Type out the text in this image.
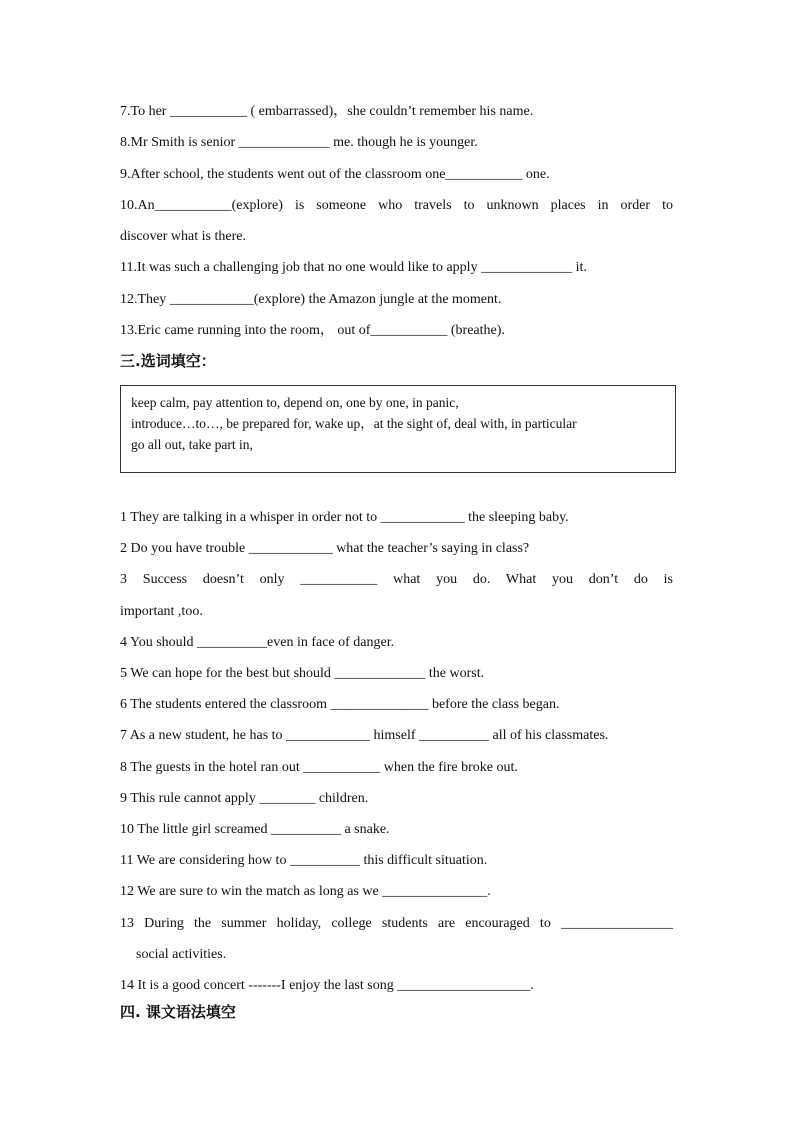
7.To her ___________ ( embarrassed)，she couldn’t remember his name.
8.Mr Smith is senior _____________ me. though he is younger.
9.After school, the students went out of the classroom one___________ one.
10.An___________(explore) is someone who travels to unknown places in order to
discover what is there.
11.It was such a challenging job that no one would like to apply _____________ it.
12.They ____________(explore) the Amazon jungle at the moment.
13.Eric came running into the room， out of___________ (breathe).
三.选词填空：
keep calm, pay attention to, depend on, one by one, in panic,
introduce…to…, be prepared for, wake up，at the sight of, deal with, in particular
go all out, take part in,
1 They are talking in a whisper in order not to ____________ the sleeping baby.
2 Do you have trouble ____________ what the teacher’s saying in class?
3 Success doesn’t only ___________ what you do. What you don’t do is
important ,too.
4 You should __________even in face of danger.
5 We can hope for the best but should _____________ the worst.
6 The students entered the classroom ______________ before the class began.
7 As a new student, he has to ____________ himself __________ all of his classmates.
8 The guests in the hotel ran out ___________ when the fire broke out.
9 This rule cannot apply ________ children.
10 The little girl screamed __________ a snake.
11 We are considering how to __________ this difficult situation.
12 We are sure to win the match as long as we _______________.
13 During the summer holiday, college students are encouraged to ________________
social activities.
14 It is a good concert -------I enjoy the last song ___________________.
四. 课文语法填空
